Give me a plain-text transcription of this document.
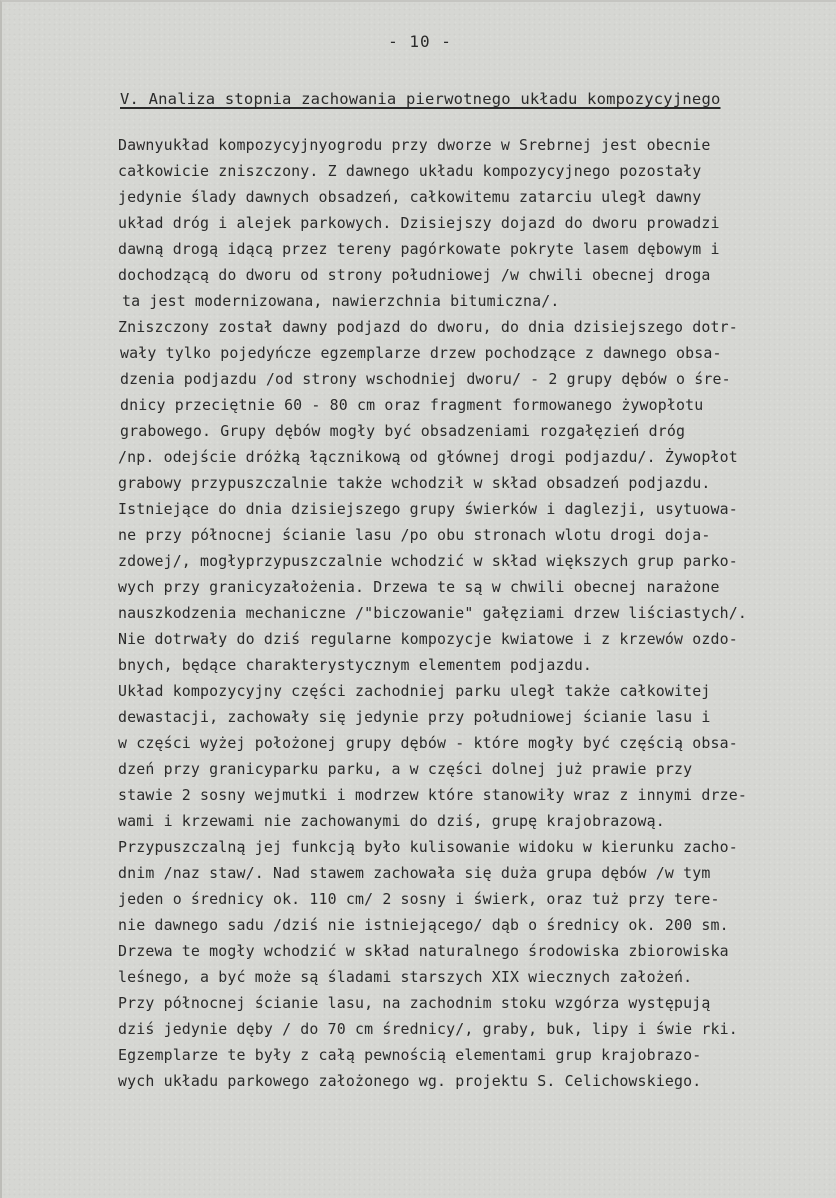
- 10 -
V. Analiza stopnia zachowania pierwotnego układu kompozycyjnego
Dawnyukład kompozycyjnyogrodu przy dworze w Srebrnej jest obecnie
całkowicie zniszczony. Z dawnego układu kompozycyjnego pozostały
jedynie ślady dawnych obsadzeń, całkowitemu zatarciu uległ dawny
układ dróg i alejek parkowych. Dzisiejszy dojazd do dworu prowadzi
dawną drogą idącą przez tereny pagórkowate pokryte lasem dębowym i
dochodzącą do dworu od strony południowej /w chwili obecnej droga
ta jest modernizowana, nawierzchnia bitumiczna/.
Zniszczony został dawny podjazd do dworu, do dnia dzisiejszego dotr-
wały tylko pojedyńcze egzemplarze drzew pochodzące z dawnego obsa-
dzenia podjazdu /od strony wschodniej dworu/ - 2 grupy dębów o śre-
dnicy przeciętnie 60 - 80 cm oraz fragment formowanego żywopłotu
grabowego. Grupy dębów mogły być obsadzeniami rozgałęzień dróg
/np. odejście dróżką łącznikową od głównej drogi podjazdu/. Żywopłot
grabowy przypuszczalnie także wchodził w skład obsadzeń podjazdu.
Istniejące do dnia dzisiejszego grupy świerków i daglezji, usytuowa-
ne przy północnej ścianie lasu /po obu stronach wlotu drogi doja-
zdowej/, mogłyprzypuszczalnie wchodzić w skład większych grup parko-
wych przy granicyzałożenia. Drzewa te są w chwili obecnej narażone
nauszkodzenia mechaniczne /"biczowanie" gałęziami drzew liściastych/.
Nie dotrwały do dziś regularne kompozycje kwiatowe i z krzewów ozdo-
bnych, będące charakterystycznym elementem podjazdu.
Układ kompozycyjny części zachodniej parku uległ także całkowitej
dewastacji, zachowały się jedynie przy południowej ścianie lasu i
w części wyżej położonej grupy dębów - które mogły być częścią obsa-
dzeń przy granicyparku parku, a w części dolnej już prawie przy
stawie 2 sosny wejmutki i modrzew które stanowiły wraz z innymi drze-
wami i krzewami nie zachowanymi do dziś, grupę krajobrazową.
Przypuszczalną jej funkcją było kulisowanie widoku w kierunku zacho-
dnim /naz staw/. Nad stawem zachowała się duża grupa dębów /w tym
jeden o średnicy ok. 110 cm/ 2 sosny i świerk, oraz tuż przy tere-
nie dawnego sadu /dziś nie istniejącego/ dąb o średnicy ok. 200 sm.
Drzewa te mogły wchodzić w skład naturalnego środowiska zbiorowiska
leśnego, a być może są śladami starszych XIX wiecznych założeń.
Przy północnej ścianie lasu, na zachodnim stoku wzgórza występują
dziś jedynie dęby / do 70 cm średnicy/, graby, buk, lipy i świe rki.
Egzemplarze te były z całą pewnością elementami grup krajobrazo-
wych układu parkowego założonego wg. projektu S. Celichowskiego.
